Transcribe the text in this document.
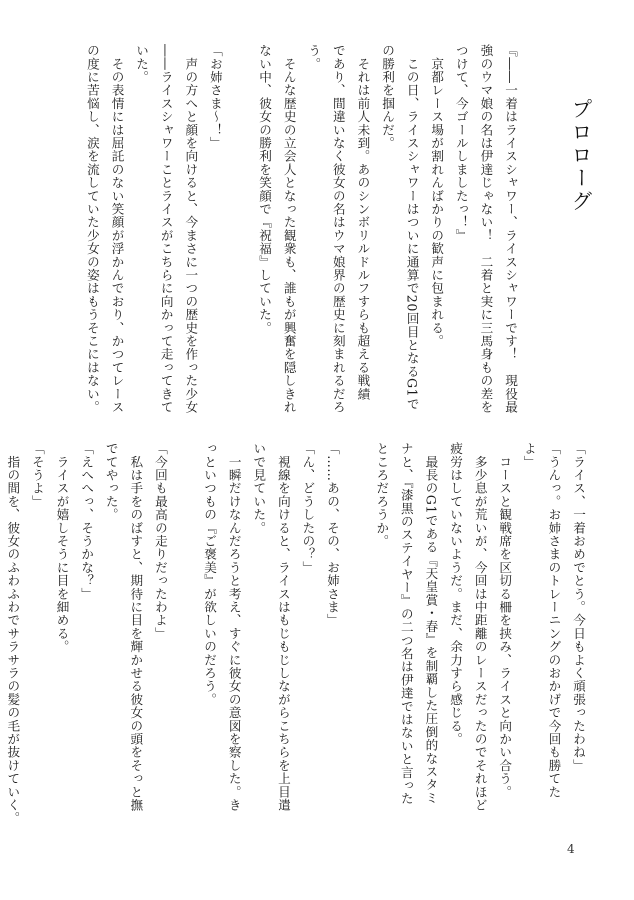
プロローグ
『――一着はライスシャワー、ライスシャワーです！　現役最
強のウマ娘の名は伊達じゃない！　二着と実に三馬身もの差を
つけて、今ゴールしましたっ！』
　京都レース場が割れんばかりの歓声に包まれる。
　この日、ライスシャワーはついに通算で20回目となるG1で
の勝利を掴んだ。
　それは前人未到。あのシンボリルドルフすらも超える戦績
であり、間違いなく彼女の名はウマ娘界の歴史に刻まれるだろ
う。
　そんな歴史の立会人となった観衆も、誰もが興奮を隠しきれ
ない中、彼女の勝利を笑顔で『祝福』していた。

「お姉さま～！」
　声の方へと顔を向けると、今まさに一つの歴史を作った少女
――ライスシャワーことライスがこちらに向かって走ってきて
いた。
　その表情には屈託のない笑顔が浮かんでおり、かつてレース
の度に苦悩し、涙を流していた少女の姿はもうそこにはない。
「ライス、一着おめでとう。今日もよく頑張ったわね」
「うんっ。お姉さまのトレーニングのおかげで今回も勝てた
よ」
　コースと観戦席を区切る柵を挟み、ライスと向かい合う。
　多少息が荒いが、今回は中距離のレースだったのでそれほど
疲労はしていないようだ。まだ、余力すら感じる。
　最長のG1である『天皇賞・春』を制覇した圧倒的なスタミ
ナと、『漆黒のステイヤー』の二つ名は伊達ではないと言った
ところだろうか。

「……あの、その、お姉さま」
「ん、どうしたの？」
　視線を向けると、ライスはもじもじしながらこちらを上目遣
いで見ていた。
　一瞬だけなんだろうと考え、すぐに彼女の意図を察した。き
っといつもの『ご褒美』が欲しいのだろう。

「今回も最高の走りだったわよ」
　私は手をのばすと、期待に目を輝かせる彼女の頭をそっと撫
でてやった。
「えへへっ、そうかな？」
　ライスが嬉しそうに目を細める。
「そうよ」
　指の間を、彼女のふわふわでサラサラの髪の毛が抜けていく。
4
